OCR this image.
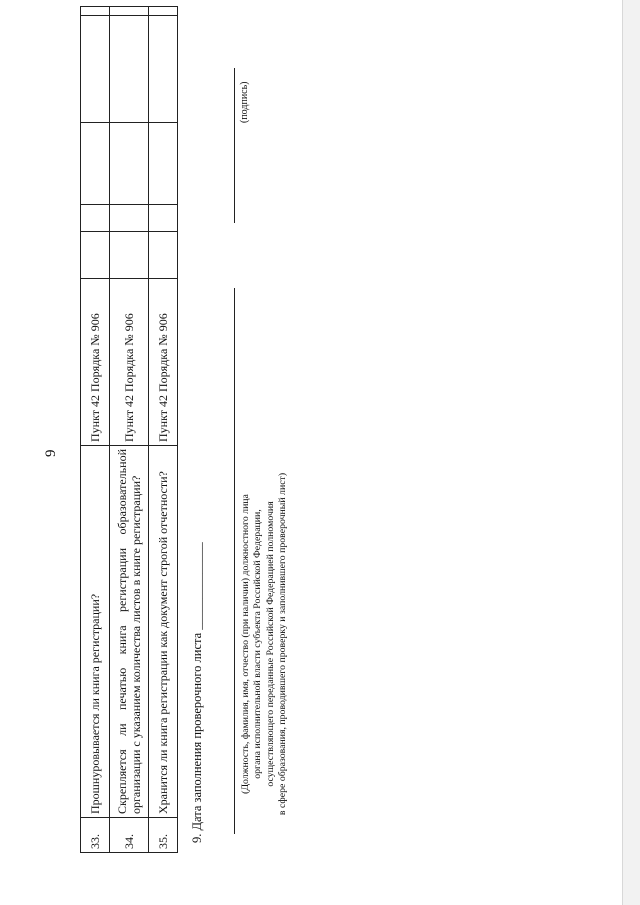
9
33.	Прошнуровывается ли книга регистрации?	Пункт 42 Порядка № 906					
34.	Скрепляется ли печатью книга регистрации образовательной организации с указанием количества листов в книге регистрации?	Пункт 42 Порядка № 906					
35.	Хранится ли книга регистрации как документ строгой отчетности?	Пункт 42 Порядка № 906					
9. Дата заполнения проверочного листа ______________	(Должность, фамилия, имя, отчество (при наличии) должностного лица органа исполнительной власти субъекта Российской Федерации, осуществляющего переданные Российской Федерацией полномочия в сфере образования, проводившего проверку и заполнившего проверочный лист)
(подпись)
